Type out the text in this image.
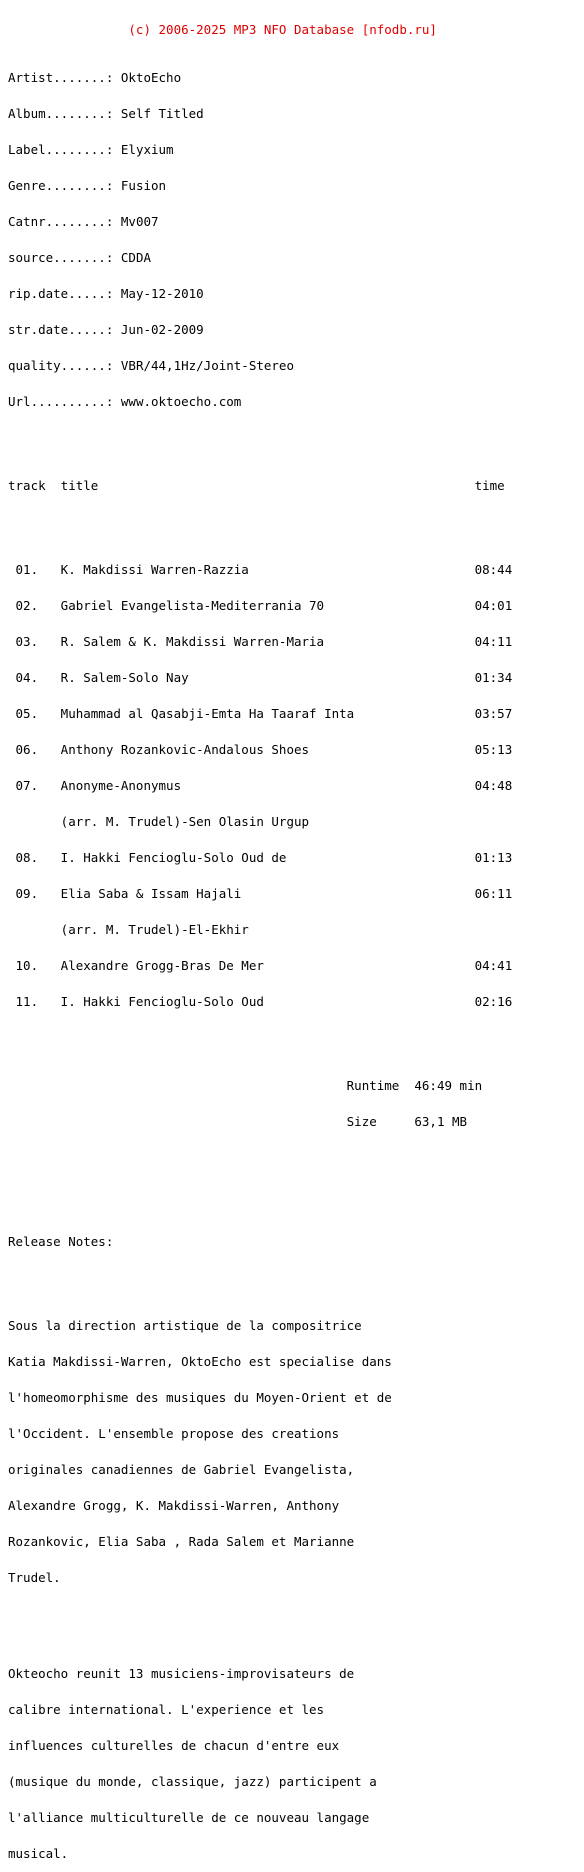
(c) 2006-2025 MP3 NFO Database [nfodb.ru]

Artist.......: OktoEcho

Album........: Self Titled

Label........: Elyxium

Genre........: Fusion

Catnr........: Mv007

source.......: CDDA

rip.date.....: May-12-2010

str.date.....: Jun-02-2009

quality......: VBR/44,1Hz/Joint-Stereo

Url..........: www.oktoecho.com

track  title                                                  time

01.   K. Makdissi Warren-Razzia                              08:44

02.   Gabriel Evangelista-Mediterrania 70                    04:01

03.   R. Salem & K. Makdissi Warren-Maria                    04:11

04.   R. Salem-Solo Nay                                      01:34

05.   Muhammad al Qasabji-Emta Ha Taaraf Inta                03:57

06.   Anthony Rozankovic-Andalous Shoes                      05:13

07.   Anonyme-Anonymus                                       04:48

(arr. M. Trudel)-Sen Olasin Urgup

08.   I. Hakki Fencioglu-Solo Oud de                         01:13

09.   Elia Saba & Issam Hajali                               06:11

(arr. M. Trudel)-El-Ekhir

10.   Alexandre Grogg-Bras De Mer                            04:41

11.   I. Hakki Fencioglu-Solo Oud                            02:16

Runtime  46:49 min

Size     63,1 MB

Release Notes:

Sous la direction artistique de la compositrice

Katia Makdissi-Warren, OktoEcho est specialise dans

l'homeomorphisme des musiques du Moyen-Orient et de

l'Occident. L'ensemble propose des creations

originales canadiennes de Gabriel Evangelista,

Alexandre Grogg, K. Makdissi-Warren, Anthony

Rozankovic, Elia Saba , Rada Salem et Marianne

Trudel.

Okteocho reunit 13 musiciens-improvisateurs de

calibre international. L'experience et les

influences culturelles de chacun d'entre eux

(musique du monde, classique, jazz) participent a

l'alliance multiculturelle de ce nouveau langage

musical.
